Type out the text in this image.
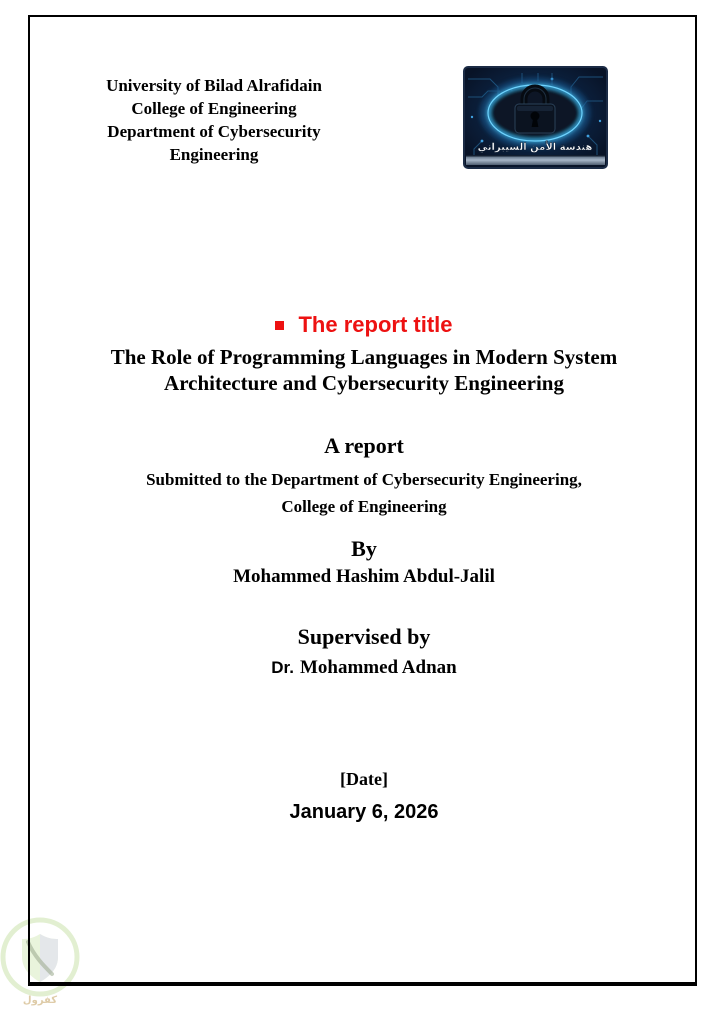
كفرول
University of Bilad Alrafidain
College of Engineering
Department of Cybersecurity Engineering	هندسة الأمن السيبراني
The report title
The Role of Programming Languages in Modern System Architecture and Cybersecurity Engineering
A report
Submitted to the Department of Cybersecurity Engineering,
College of Engineering
By
Mohammed Hashim Abdul-Jalil
Supervised by
Dr. Mohammed Adnan
[Date]
January 6, 2026
